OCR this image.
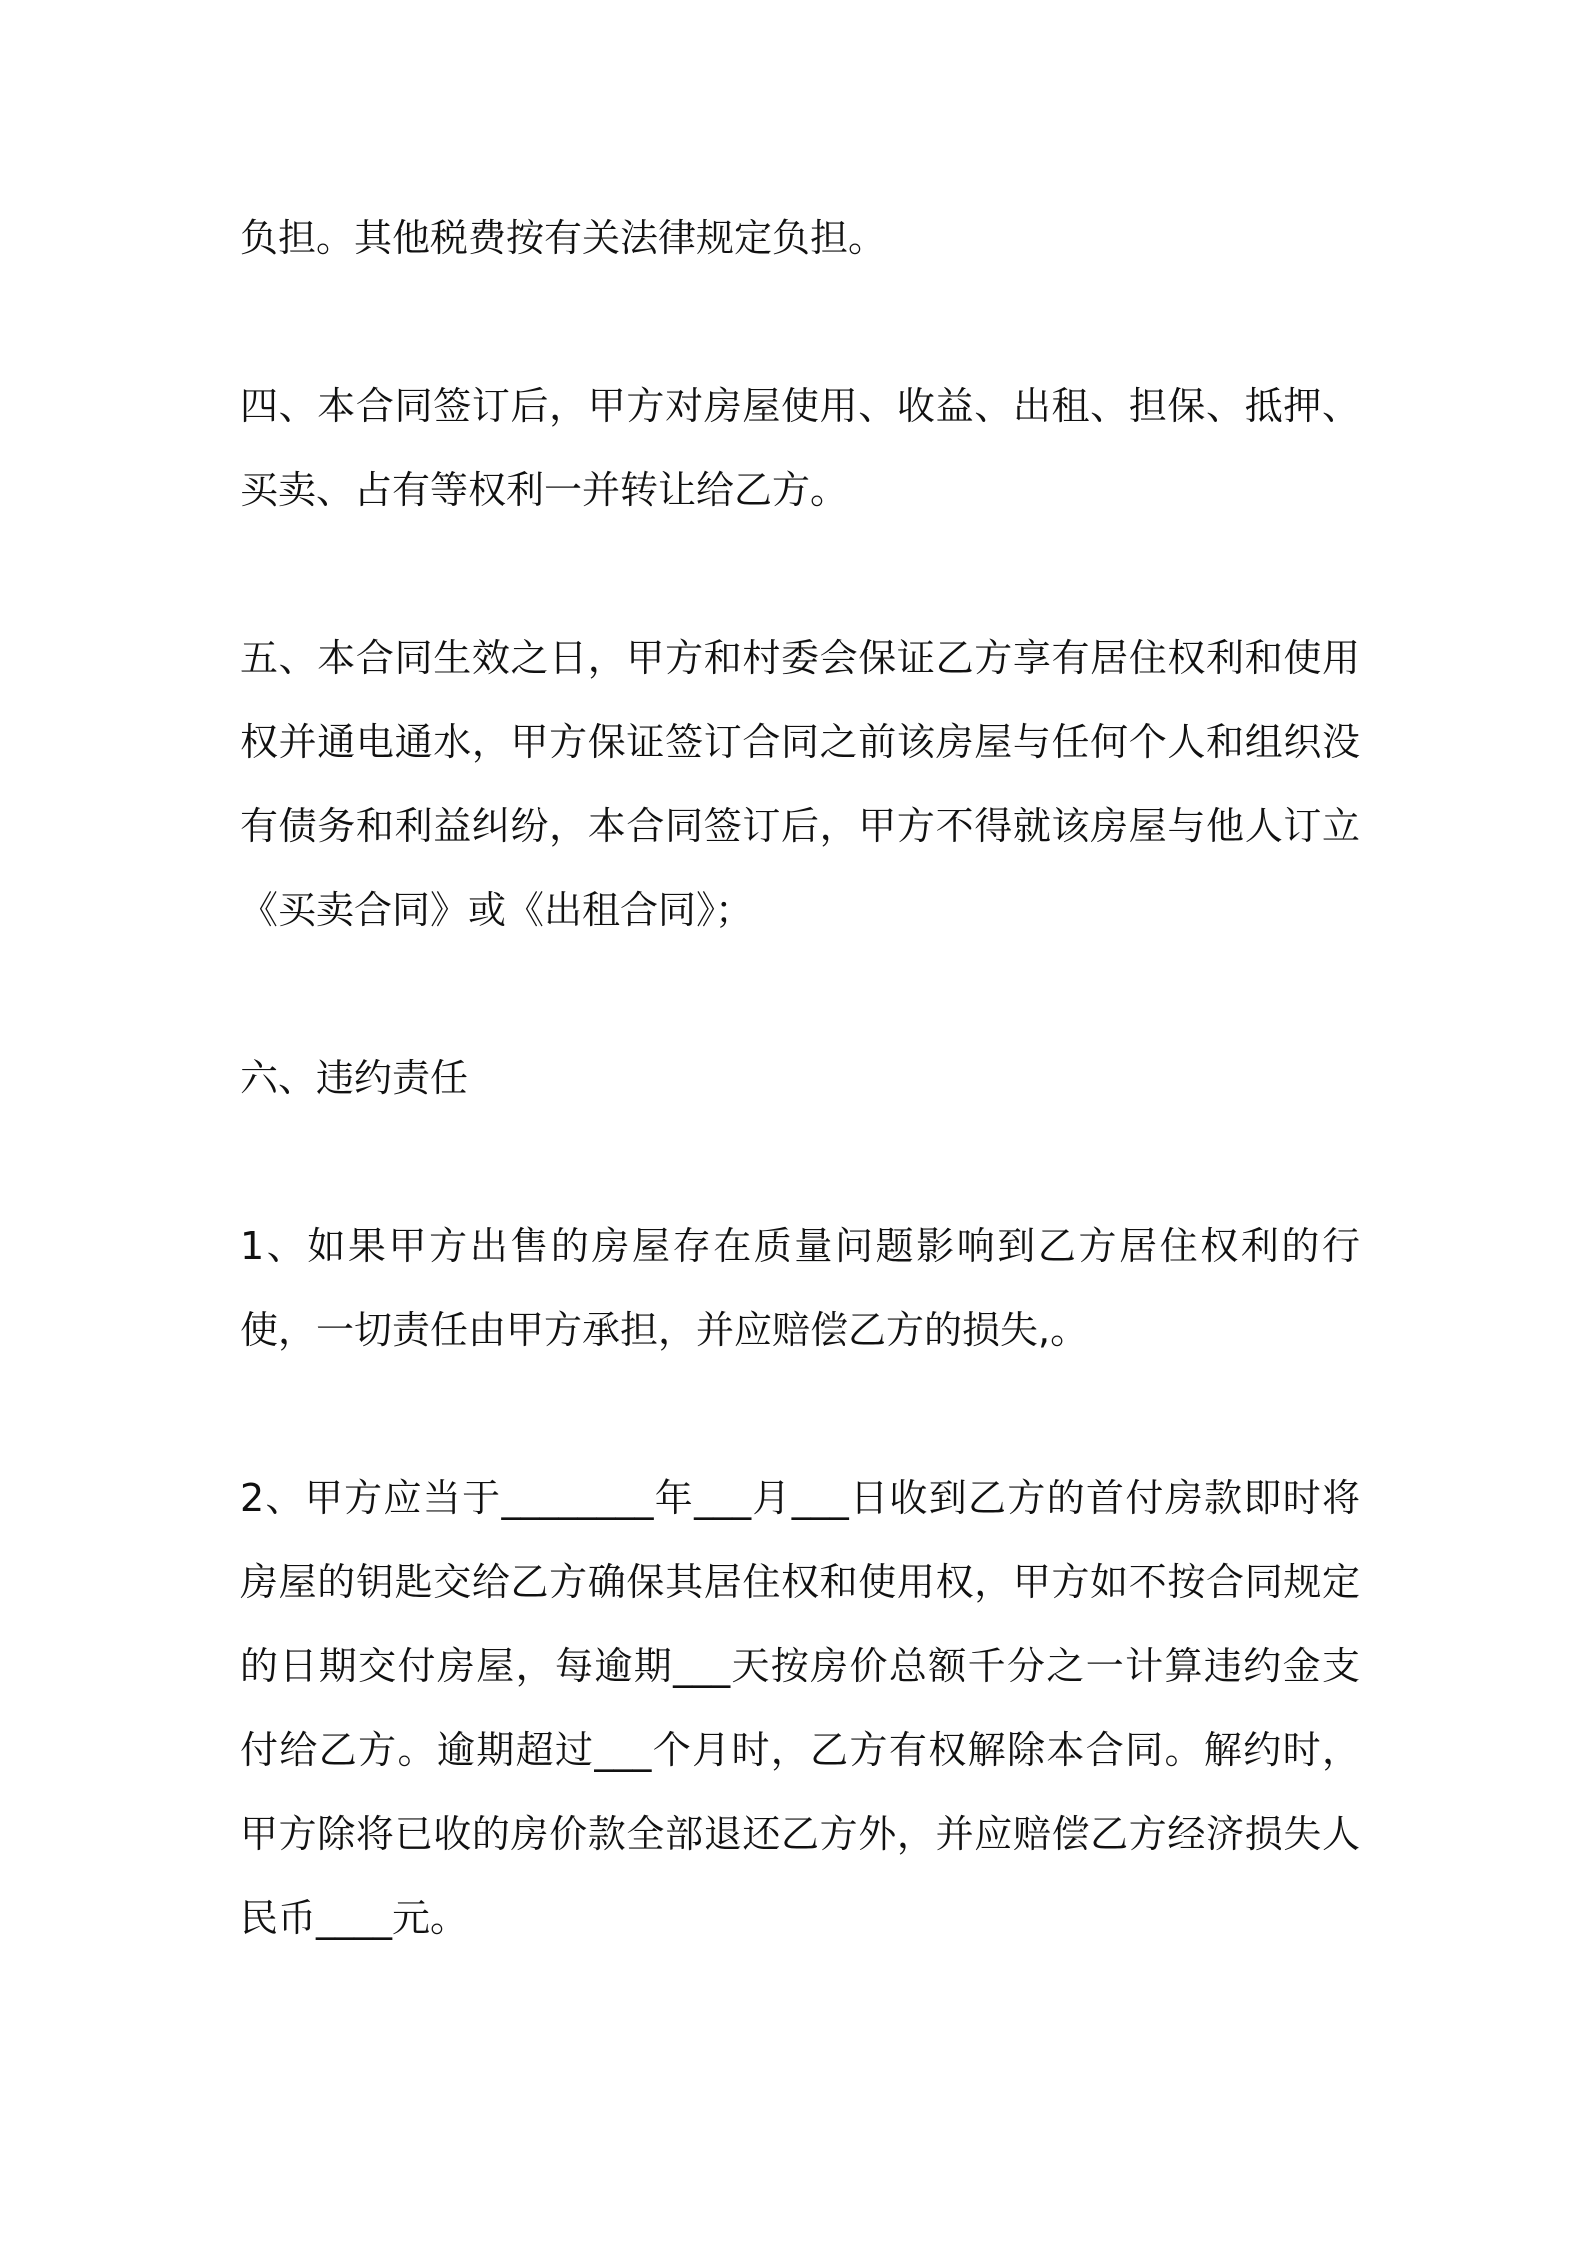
负担。其他税费按有关法律规定负担。

四、本合同签订后，甲方对房屋使用、收益、出租、担保、抵押、买卖、占有等权利一并转让给乙方。

五、本合同生效之日，甲方和村委会保证乙方享有居住权利和使用权并通电通水，甲方保证签订合同之前该房屋与任何个人和组织没有债务和利益纠纷，本合同签订后，甲方不得就该房屋与他人订立《买卖合同》或《出租合同》；

六、违约责任

1、如果甲方出售的房屋存在质量问题影响到乙方居住权利的行使，一切责任由甲方承担，并应赔偿乙方的损失,。

2、甲方应当于________年___月___日收到乙方的首付房款即时将房屋的钥匙交给乙方确保其居住权和使用权，甲方如不按合同规定的日期交付房屋，每逾期___天按房价总额千分之一计算违约金支付给乙方。逾期超过___个月时，乙方有权解除本合同。解约时，甲方除将已收的房价款全部退还乙方外，并应赔偿乙方经济损失人民币____元。
